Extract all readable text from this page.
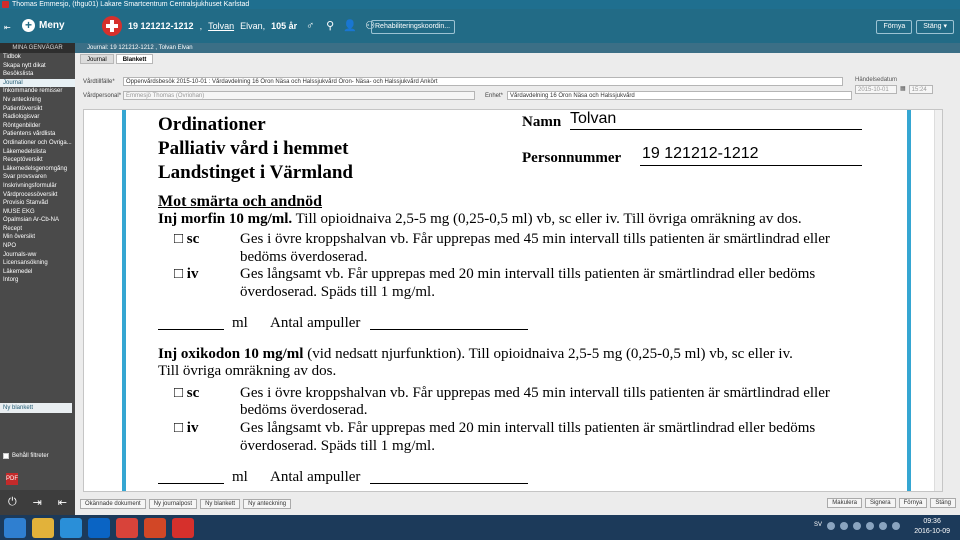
Thomas Emmesjo, (thgu01) Lakare Smartcentrum Centralsjukhuset Karlstad
⇤ + Meny	19 121212-1212 , Tolvan Elvan, 105 år ♂ ⚲ 👤 ⚇ Rehabiliteringskoordin...	Förnya	Stäng ▾
MINA GENVÄGAR
Tidbok
Skapa nytt dikat
Besökslista
Journal
Inkommande remisser
Nv anteckning
Patientöversikt
Radiologisvar
Röntgenbilder
Patientens vårdlista
Ordinationer och Övriga...
Läkemedelslista
Receptöversikt
Läkemedelsgenomgång
Svar provsvaren
Inskrivningsformulär
Vårdprocessöversikt
Provisio Stanvåd
MUSE EKG
Opalmsian Ar-Cb-NA
Recept
Min översikt
NPO
Journals-ww
Licensansökning
Läkemedel
Intorg
Ny blankett
Behåll filtreter
PDF
⏻ ⇥ ⇤
Journal: 19 121212-1212 , Tolvan Elvan
Journal	Blankett
Vårdtillfälle*	Öppenvårdsbesök 2015-10-01 : Vårdavdelning 16 Öron Näsa och Halssjukvård Öron- Näsa- och Halssjukvård Ankört
Vårdpersonal* Emmesjö Thomas (Övriohan)	Enhet*	Vårdavdelning 16 Öron Näsa och Halssjukvård
Händelsedatum
2015-10-01	▦	15:24
Ordinationer
Palliativ vård i hemmet
Landstinget i Värmland
Namn Tolvan
Personnummer 19 121212-1212
Mot smärta och andnöd
Inj morfin 10 mg/ml. Till opioidnaiva 2,5-5 mg (0,25-0,5 ml) vb, sc eller iv. Till övriga omräkning av dos.
□ sc	Ges i övre kroppshalvan vb. Får upprepas med 45 min intervall tills patienten är smärtlindrad eller
bedöms överdoserad.
□ iv	Ges långsamt vb. Får upprepas med 20 min intervall tills patienten är smärtlindrad eller bedöms
överdoserad. Späds till 1 mg/ml.
ml Antal ampuller
Inj oxikodon 10 mg/ml (vid nedsatt njurfunktion). Till opioidnaiva 2,5-5 mg (0,25-0,5 ml) vb, sc eller iv.
Till övriga omräkning av dos.
□ sc	Ges i övre kroppshalvan vb. Får upprepas med 45 min intervall tills patienten är smärtlindrad eller
bedöms överdoserad.
□ iv	Ges långsamt vb. Får upprepas med 20 min intervall tills patienten är smärtlindrad eller bedöms
överdoserad. Späds till 1 mg/ml.
ml Antal ampuller
Okännade dokument	Ny journalpost	Ny blankett	Ny anteckning	Makulera	Signera	Förnya	Stäng
SV	09:36
2016-10-09
